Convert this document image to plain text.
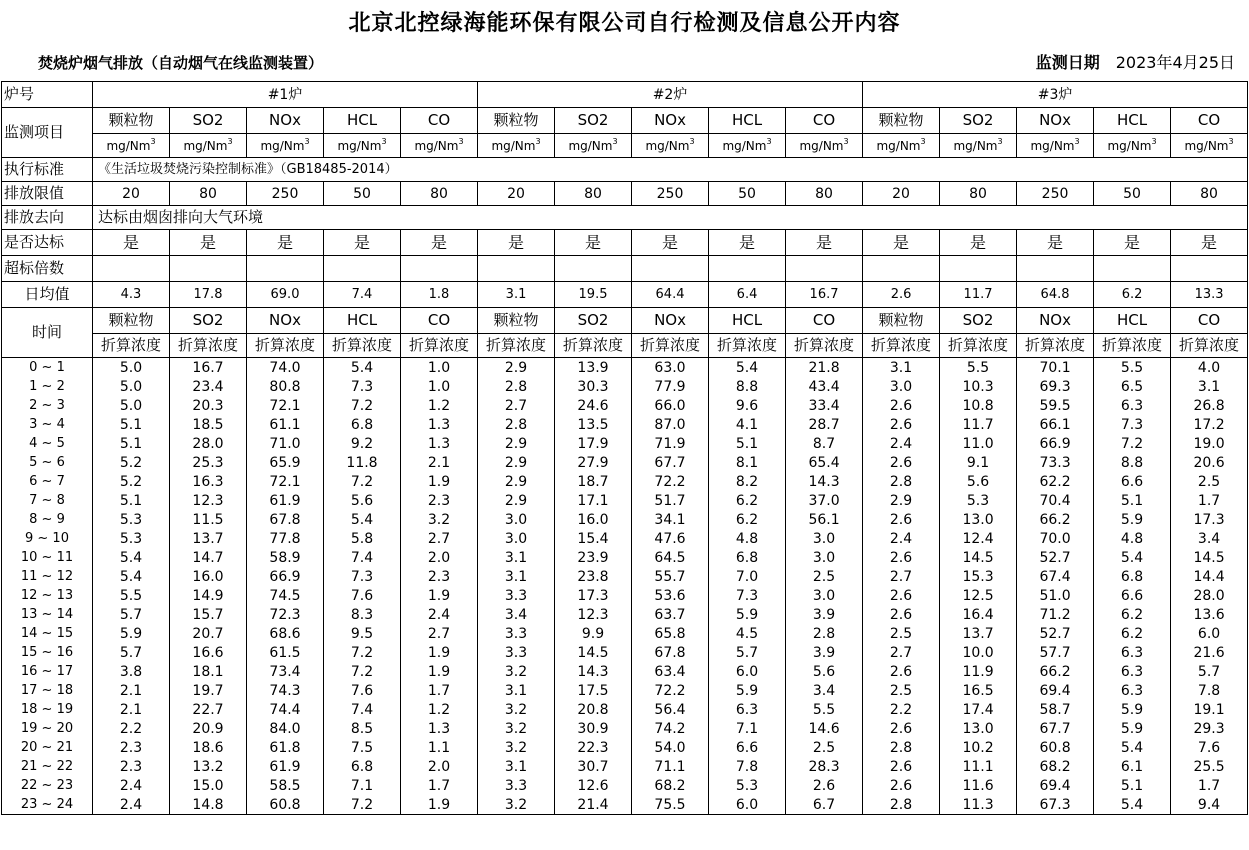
北京北控绿海能环保有限公司自行检测及信息公开内容
焚烧炉烟气排放（自动烟气在线监测装置）	监测日期 2023年4月25日
炉号	#1炉					#2炉					#3炉				
监测项目	颗粒物	SO2	NOx	HCL	CO	颗粒物	SO2	NOx	HCL	CO	颗粒物	SO2	NOx	HCL	CO
	mg/Nm$^3$	mg/Nm$^3$	mg/Nm$^3$	mg/Nm$^3$	mg/Nm$^3$	mg/Nm$^3$	mg/Nm$^3$	mg/Nm$^3$	mg/Nm$^3$	mg/Nm$^3$	mg/Nm$^3$	mg/Nm$^3$	mg/Nm$^3$	mg/Nm$^3$	mg/Nm$^3$
执行标准	《生活垃圾焚烧污染控制标准》（GB18485-2014）														
排放限值	20	80	250	50	80	20	80	250	50	80	20	80	250	50	80
排放去向	达标由烟囱排向大气环境														
是否达标	是	是	是	是	是	是	是	是	是	是	是	是	是	是	是
超标倍数															
日均值	4.3	17.8	69.0	7.4	1.8	3.1	19.5	64.4	6.4	16.7	2.6	11.7	64.8	6.2	13.3
时间	颗粒物	SO2	NOx	HCL	CO	颗粒物	SO2	NOx	HCL	CO	颗粒物	SO2	NOx	HCL	CO
	折算浓度	折算浓度	折算浓度	折算浓度	折算浓度	折算浓度	折算浓度	折算浓度	折算浓度	折算浓度	折算浓度	折算浓度	折算浓度	折算浓度	折算浓度
0 ~ 1	5.0	16.7	74.0	5.4	1.0	2.9	13.9	63.0	5.4	21.8	3.1	5.5	70.1	5.5	4.0
1 ~ 2	5.0	23.4	80.8	7.3	1.0	2.8	30.3	77.9	8.8	43.4	3.0	10.3	69.3	6.5	3.1
2 ~ 3	5.0	20.3	72.1	7.2	1.2	2.7	24.6	66.0	9.6	33.4	2.6	10.8	59.5	6.3	26.8
3 ~ 4	5.1	18.5	61.1	6.8	1.3	2.8	13.5	87.0	4.1	28.7	2.6	11.7	66.1	7.3	17.2
4 ~ 5	5.1	28.0	71.0	9.2	1.3	2.9	17.9	71.9	5.1	8.7	2.4	11.0	66.9	7.2	19.0
5 ~ 6	5.2	25.3	65.9	11.8	2.1	2.9	27.9	67.7	8.1	65.4	2.6	9.1	73.3	8.8	20.6
6 ~ 7	5.2	16.3	72.1	7.2	1.9	2.9	18.7	72.2	8.2	14.3	2.8	5.6	62.2	6.6	2.5
7 ~ 8	5.1	12.3	61.9	5.6	2.3	2.9	17.1	51.7	6.2	37.0	2.9	5.3	70.4	5.1	1.7
8 ~ 9	5.3	11.5	67.8	5.4	3.2	3.0	16.0	34.1	6.2	56.1	2.6	13.0	66.2	5.9	17.3
9 ~ 10	5.3	13.7	77.8	5.8	2.7	3.0	15.4	47.6	4.8	3.0	2.4	12.4	70.0	4.8	3.4
10 ~ 11	5.4	14.7	58.9	7.4	2.0	3.1	23.9	64.5	6.8	3.0	2.6	14.5	52.7	5.4	14.5
11 ~ 12	5.4	16.0	66.9	7.3	2.3	3.1	23.8	55.7	7.0	2.5	2.7	15.3	67.4	6.8	14.4
12 ~ 13	5.5	14.9	74.5	7.6	1.9	3.3	17.3	53.6	7.3	3.0	2.6	12.5	51.0	6.6	28.0
13 ~ 14	5.7	15.7	72.3	8.3	2.4	3.4	12.3	63.7	5.9	3.9	2.6	16.4	71.2	6.2	13.6
14 ~ 15	5.9	20.7	68.6	9.5	2.7	3.3	9.9	65.8	4.5	2.8	2.5	13.7	52.7	6.2	6.0
15 ~ 16	5.7	16.6	61.5	7.2	1.9	3.3	14.5	67.8	5.7	3.9	2.7	10.0	57.7	6.3	21.6
16 ~ 17	3.8	18.1	73.4	7.2	1.9	3.2	14.3	63.4	6.0	5.6	2.6	11.9	66.2	6.3	5.7
17 ~ 18	2.1	19.7	74.3	7.6	1.7	3.1	17.5	72.2	5.9	3.4	2.5	16.5	69.4	6.3	7.8
18 ~ 19	2.1	22.7	74.4	7.4	1.2	3.2	20.8	56.4	6.3	5.5	2.2	17.4	58.7	5.9	19.1
19 ~ 20	2.2	20.9	84.0	8.5	1.3	3.2	30.9	74.2	7.1	14.6	2.6	13.0	67.7	5.9	29.3
20 ~ 21	2.3	18.6	61.8	7.5	1.1	3.2	22.3	54.0	6.6	2.5	2.8	10.2	60.8	5.4	7.6
21 ~ 22	2.3	13.2	61.9	6.8	2.0	3.1	30.7	71.1	7.8	28.3	2.6	11.1	68.2	6.1	25.5
22 ~ 23	2.4	15.0	58.5	7.1	1.7	3.3	12.6	68.2	5.3	2.6	2.6	11.6	69.4	5.1	1.7
23 ~ 24	2.4	14.8	60.8	7.2	1.9	3.2	21.4	75.5	6.0	6.7	2.8	11.3	67.3	5.4	9.4
